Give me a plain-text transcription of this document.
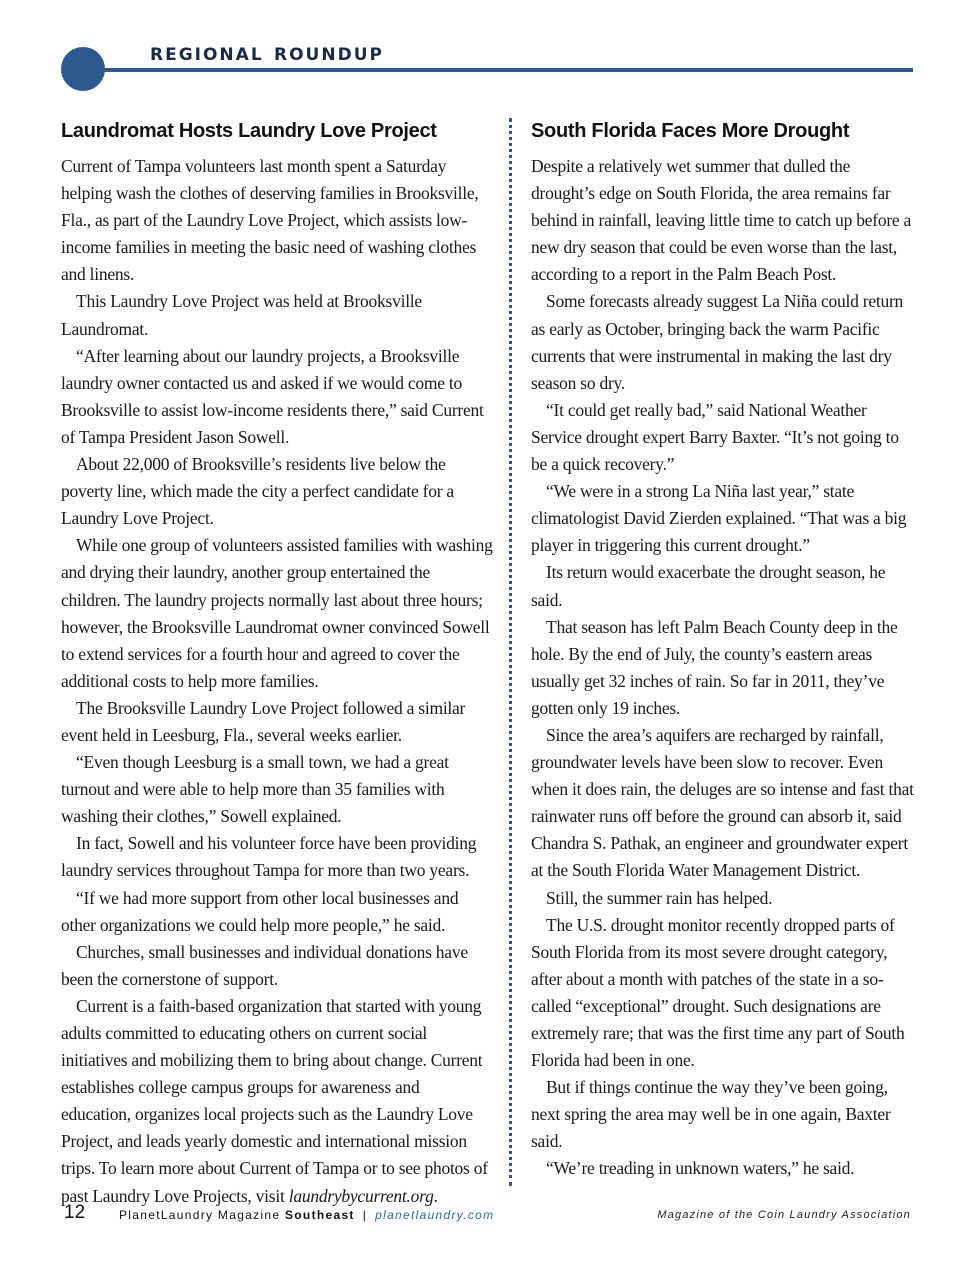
regional roundup
Laundromat Hosts Laundry Love Project

Current of Tampa volunteers last month spent a Saturday helping wash the clothes of deserving families in Brooksville, Fla., as part of the Laundry Love Project, which assists low-income families in meeting the basic need of washing clothes and linens.

This Laundry Love Project was held at Brooksville Laundromat.

“After learning about our laundry projects, a Brooksville laundry owner contacted us and asked if we would come to Brooksville to assist low-income residents there,” said Current of Tampa President Jason Sowell.

About 22,000 of Brooksville’s residents live below the poverty line, which made the city a perfect candidate for a Laundry Love Project.

While one group of volunteers assisted families with washing and drying their laundry, another group entertained the children. The laundry projects normally last about three hours; however, the Brooksville Laundromat owner convinced Sowell to extend services for a fourth hour and agreed to cover the additional costs to help more families.

The Brooksville Laundry Love Project followed a similar event held in Leesburg, Fla., several weeks earlier.

“Even though Leesburg is a small town, we had a great turnout and were able to help more than 35 families with washing their clothes,” Sowell explained.

In fact, Sowell and his volunteer force have been providing laundry services throughout Tampa for more than two years.

“If we had more support from other local businesses and other organizations we could help more people,” he said.

Churches, small businesses and individual donations have been the cornerstone of support.

Current is a faith-based organization that started with young adults committed to educating others on current social initiatives and mobilizing them to bring about change. Current establishes college campus groups for awareness and education, organizes local projects such as the Laundry Love Project, and leads yearly domestic and international mission trips. To learn more about Current of Tampa or to see photos of past Laundry Love Projects, visit laundrybycurrent.org.

South Florida Faces More Drought

Despite a relatively wet summer that dulled the drought’s edge on South Florida, the area remains far behind in rainfall, leaving little time to catch up before a new dry season that could be even worse than the last, according to a report in the Palm Beach Post.

Some forecasts already suggest La Niña could return as early as October, bringing back the warm Pacific currents that were instrumental in making the last dry season so dry.

“It could get really bad,” said National Weather Service drought expert Barry Baxter. “It’s not going to be a quick recovery.”

“We were in a strong La Niña last year,” state climatologist David Zierden explained. “That was a big player in triggering this current drought.”

Its return would exacerbate the drought season, he said.

That season has left Palm Beach County deep in the hole. By the end of July, the county’s eastern areas usually get 32 inches of rain. So far in 2011, they’ve gotten only 19 inches.

Since the area’s aquifers are recharged by rainfall, groundwater levels have been slow to recover. Even when it does rain, the deluges are so intense and fast that rainwater runs off before the ground can absorb it, said Chandra S. Pathak, an engineer and groundwater expert at the South Florida Water Management District.

Still, the summer rain has helped.

The U.S. drought monitor recently dropped parts of South Florida from its most severe drought category, after about a month with patches of the state in a so-called “exceptional” drought. Such designations are extremely rare; that was the first time any part of South Florida had been in one.

But if things continue the way they’ve been going, next spring the area may well be in one again, Baxter said.

“We’re treading in unknown waters,” he said.

12	PlanetLaundry Magazine Southeast | planetlaundry.com	Magazine of the Coin Laundry Association
